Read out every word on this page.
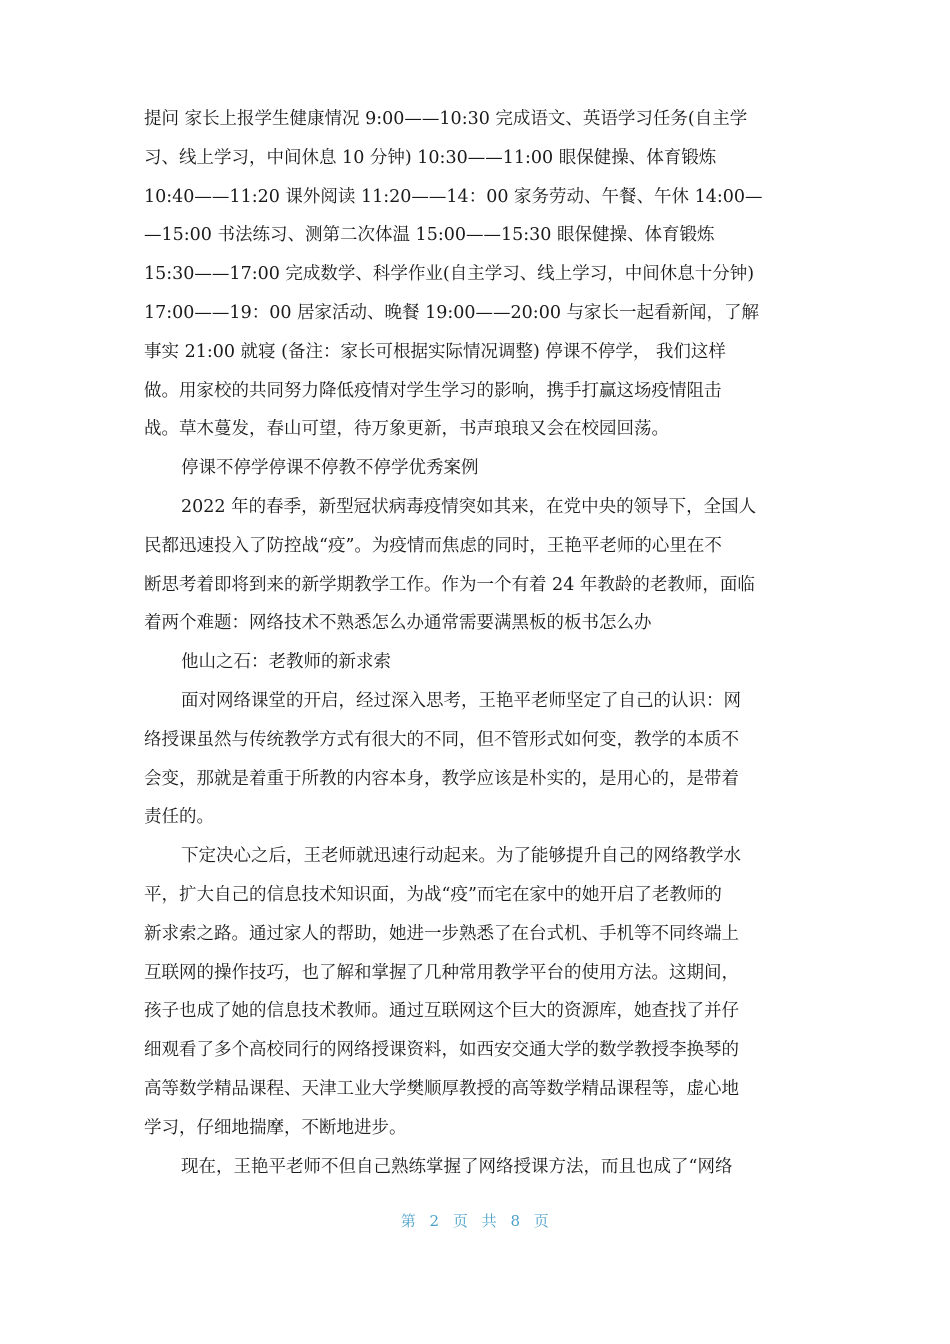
提问 家长上报学生健康情况 9:00——10:30 完成语文、英语学习任务(自主学
习、线上学习，中间休息 10 分钟) 10:30——11:00 眼保健操、体育锻炼
10:40——11:20 课外阅读 11:20——14：00 家务劳动、午餐、午休 14:00—
—15:00 书法练习、测第二次体温 15:00——15:30 眼保健操、体育锻炼
15:30——17:00 完成数学、科学作业(自主学习、线上学习，中间休息十分钟)
17:00——19：00 居家活动、晚餐 19:00——20:00 与家长一起看新闻，了解
事实 21:00 就寝 (备注：家长可根据实际情况调整) 停课不停学， 我们这样
做。用家校的共同努力降低疫情对学生学习的影响，携手打赢这场疫情阻击
战。草木蔓发，春山可望，待万象更新，书声琅琅又会在校园回荡。
停课不停学停课不停教不停学优秀案例
2022 年的春季，新型冠状病毒疫情突如其来，在党中央的领导下，全国人
民都迅速投入了防控战“疫”。为疫情而焦虑的同时，王艳平老师的心里在不
断思考着即将到来的新学期教学工作。作为一个有着 24 年教龄的老教师，面临
着两个难题：网络技术不熟悉怎么办通常需要满黑板的板书怎么办
他山之石：老教师的新求索
面对网络课堂的开启，经过深入思考，王艳平老师坚定了自己的认识：网
络授课虽然与传统教学方式有很大的不同，但不管形式如何变，教学的本质不
会变，那就是着重于所教的内容本身，教学应该是朴实的，是用心的，是带着
责任的。
下定决心之后，王老师就迅速行动起来。为了能够提升自己的网络教学水
平，扩大自己的信息技术知识面，为战“疫”而宅在家中的她开启了老教师的
新求索之路。通过家人的帮助，她进一步熟悉了在台式机、手机等不同终端上
互联网的操作技巧，也了解和掌握了几种常用教学平台的使用方法。这期间，
孩子也成了她的信息技术教师。通过互联网这个巨大的资源库，她查找了并仔
细观看了多个高校同行的网络授课资料，如西安交通大学的数学教授李换琴的
高等数学精品课程、天津工业大学樊顺厚教授的高等数学精品课程等，虚心地
学习，仔细地揣摩，不断地进步。
现在，王艳平老师不但自己熟练掌握了网络授课方法，而且也成了“网络
第 2 页 共 8 页
